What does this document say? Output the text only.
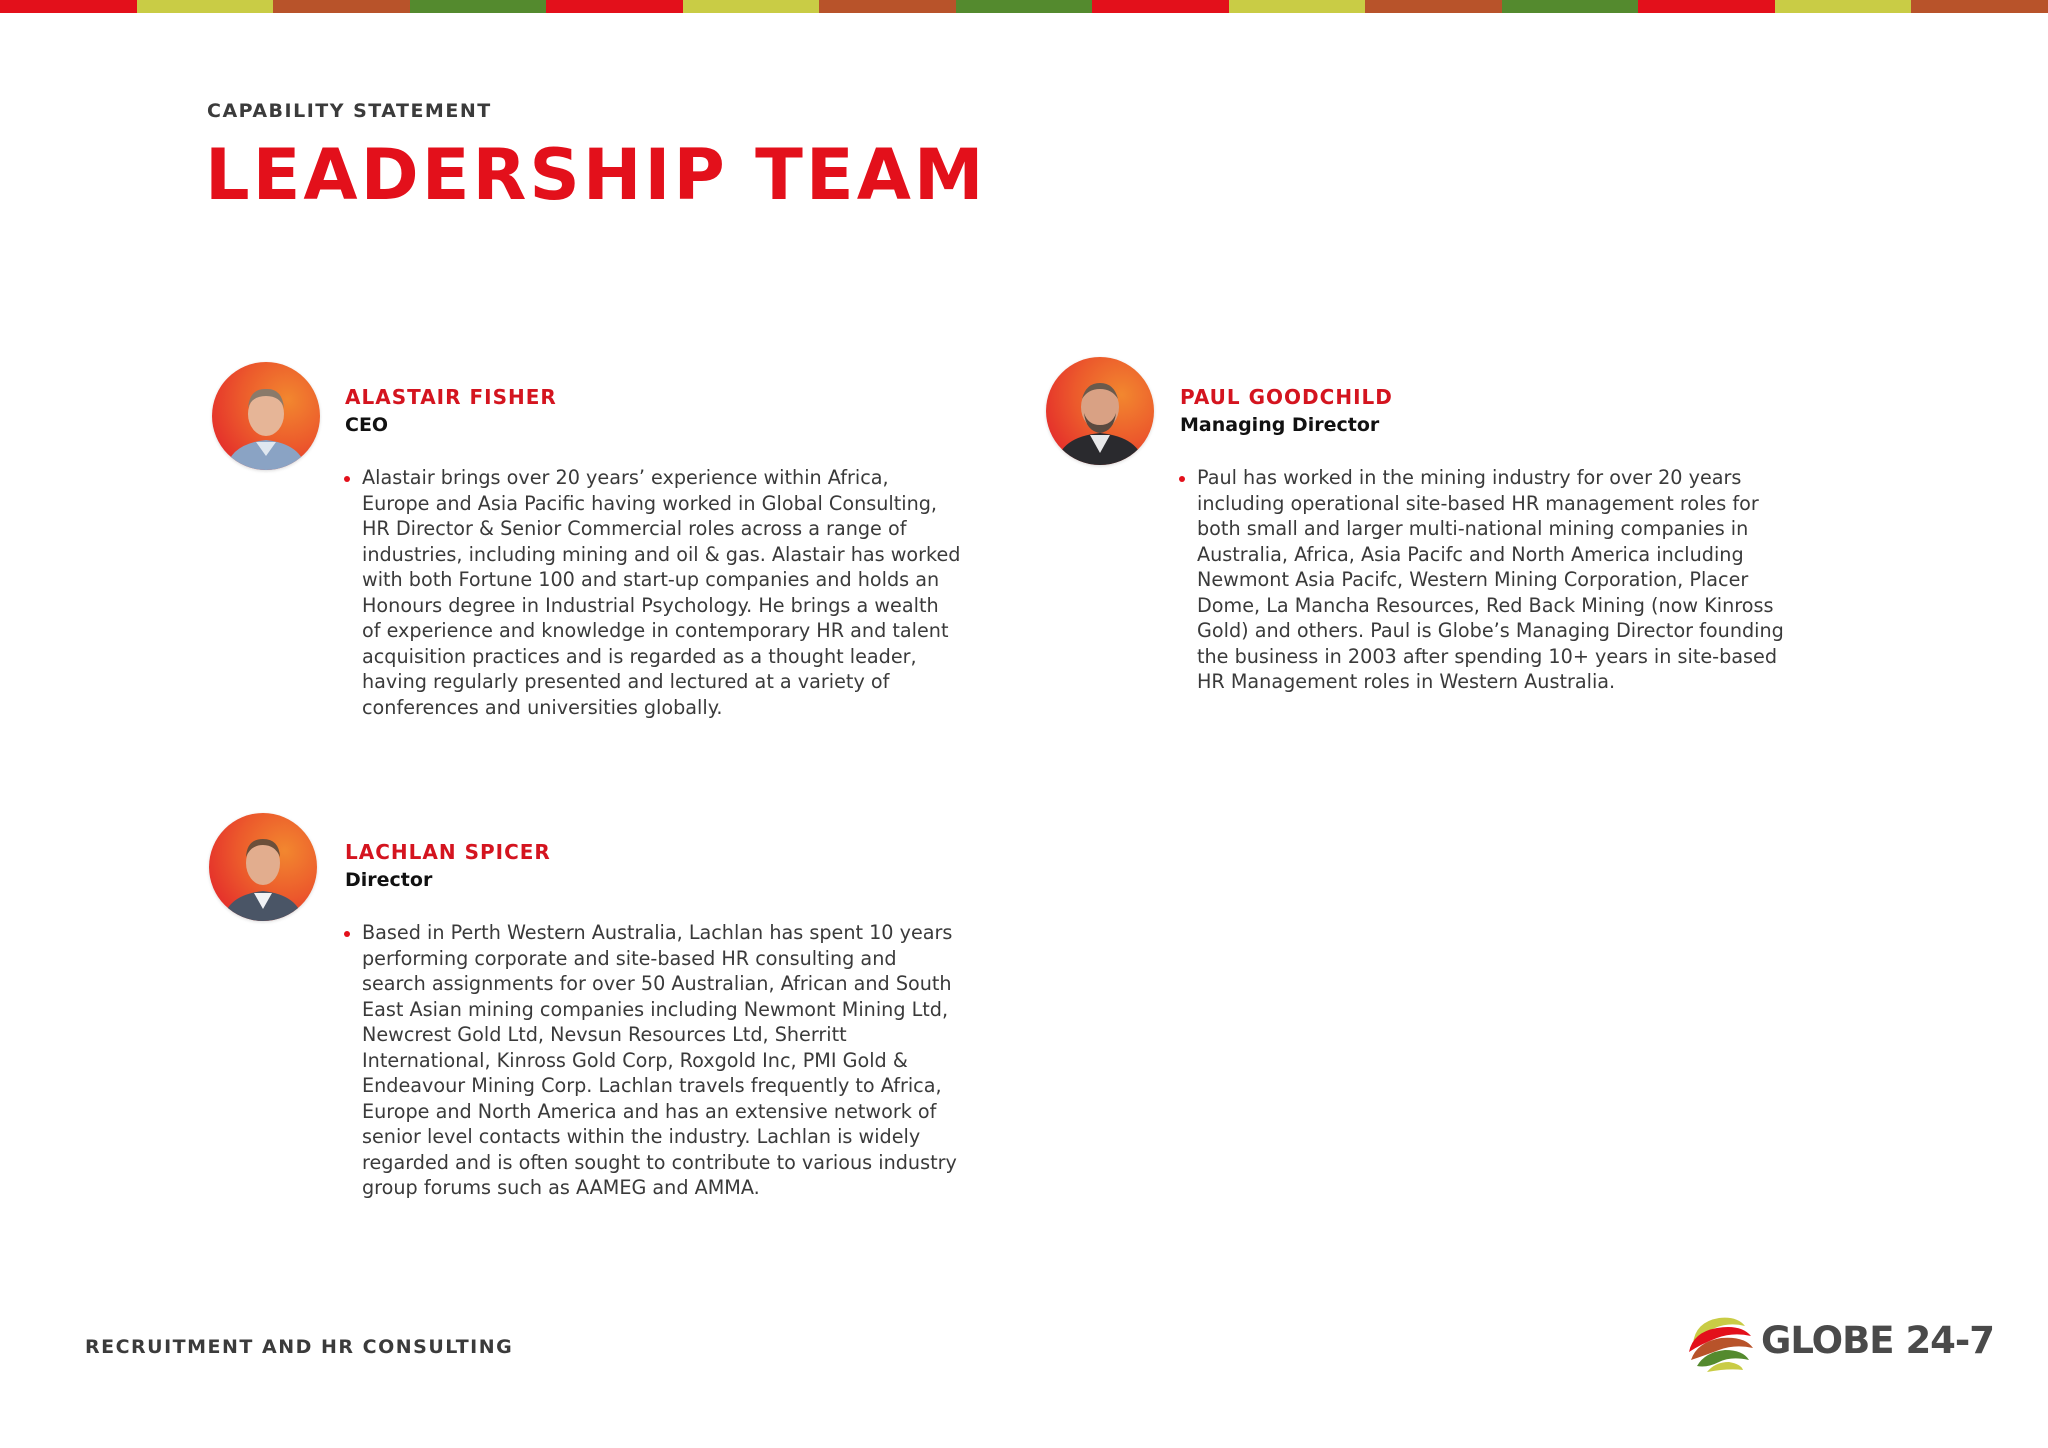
CAPABILITY STATEMENT
LEADERSHIP TEAM
ALASTAIR FISHER
CEO
Alastair brings over 20 years’ experience within Africa, Europe and Asia Pacific having worked in Global Consulting, HR Director & Senior Commercial roles across a range of industries, including mining and oil & gas. Alastair has worked with both Fortune 100 and start-up companies and holds an Honours degree in Industrial Psychology. He brings a wealth of experience and knowledge in contemporary HR and talent acquisition practices and is regarded as a thought leader, having regularly presented and lectured at a variety of conferences and universities globally.
PAUL GOODCHILD
Managing Director
Paul has worked in the mining industry for over 20 years including operational site-based HR management roles for both small and larger multi-national mining companies in Australia, Africa, Asia Pacifc and North America including Newmont Asia Pacifc, Western Mining Corporation, Placer Dome, La Mancha Resources, Red Back Mining (now Kinross Gold) and others. Paul is Globe’s Managing Director founding the business in 2003 after spending 10+ years in site-based HR Management roles in Western Australia.
LACHLAN SPICER
Director
Based in Perth Western Australia, Lachlan has spent 10 years performing corporate and site-based HR consulting and search assignments for over 50 Australian, African and South East Asian mining companies including Newmont Mining Ltd, Newcrest Gold Ltd, Nevsun Resources Ltd, Sherritt International, Kinross Gold Corp, Roxgold Inc, PMI Gold & Endeavour Mining Corp. Lachlan travels frequently to Africa, Europe and North America and has an extensive network of senior level contacts within the industry. Lachlan is widely regarded and is often sought to contribute to various industry group forums such as AAMEG and AMMA.
RECRUITMENT AND HR CONSULTING	GLOBE 24-7
